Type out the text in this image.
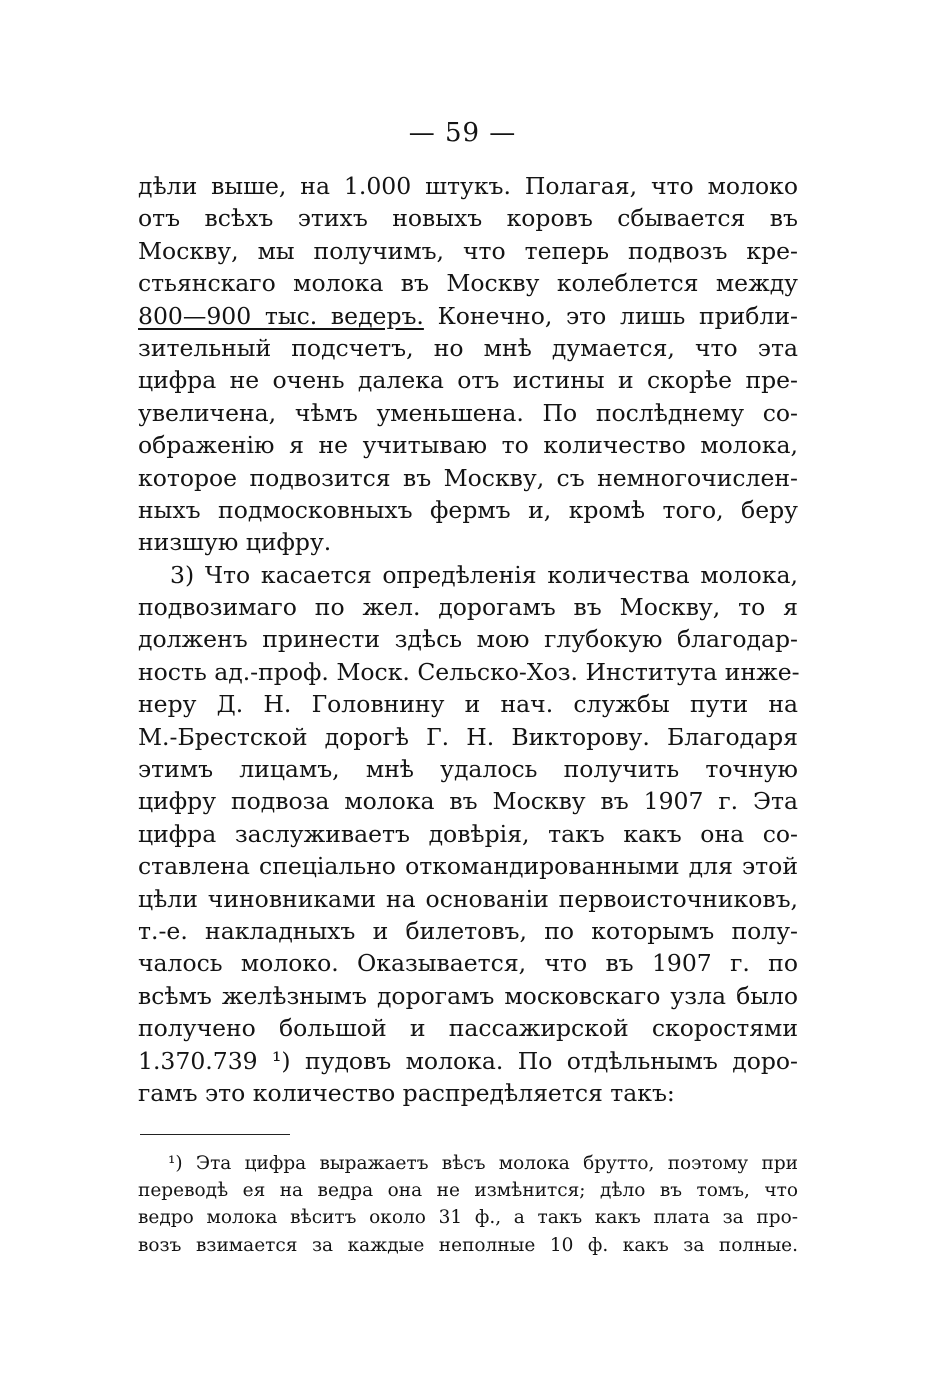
— 59 —
дѣли выше, на 1.000 штукъ. Полагая, что молоко
отъ всѣхъ этихъ новыхъ коровъ сбывается въ
Москву, мы получимъ, что теперь подвозъ кре-
стьянскаго молока въ Москву колеблется между
800—900 тыс. ведеръ. Конечно, это лишь прибли-
зительный подсчетъ, но мнѣ думается, что эта
цифра не очень далека отъ истины и скорѣе пре-
увеличена, чѣмъ уменьшена. По послѣднему со-
ображенію я не учитываю то количество молока,
которое подвозится въ Москву, съ немногочислен-
ныхъ подмосковныхъ фермъ и, кромѣ того, беру
низшую цифру.
3) Что касается опредѣленія количества молока,
подвозимаго по жел. дорогамъ въ Москву, то я
долженъ принести здѣсь мою глубокую благодар-
ность ад.-проф. Моск. Сельско-Хоз. Института инже-
неру Д. Н. Головнину и нач. службы пути на
М.-Брестской дорогѣ Г. Н. Викторову. Благодаря
этимъ лицамъ, мнѣ удалось получить точную
цифру подвоза молока въ Москву въ 1907 г. Эта
цифра заслуживаетъ довѣрія, такъ какъ она со-
ставлена спеціально откомандированными для этой
цѣли чиновниками на основаніи первоисточниковъ,
т.-е. накладныхъ и билетовъ, по которымъ полу-
чалось молоко. Оказывается, что въ 1907 г. по
всѣмъ желѣзнымъ дорогамъ московскаго узла было
получено большой и пассажирской скоростями
1.370.739 ¹) пудовъ молока. По отдѣльнымъ доро-
гамъ это количество распредѣляется такъ:
¹) Эта цифра выражаетъ вѣсъ молока брутто, поэтому при
переводѣ ея на ведра она не измѣнится; дѣло въ томъ, что
ведро молока вѣситъ около 31 ф., а такъ какъ плата за про-
возъ взимается за каждые неполные 10 ф. какъ за полные.
